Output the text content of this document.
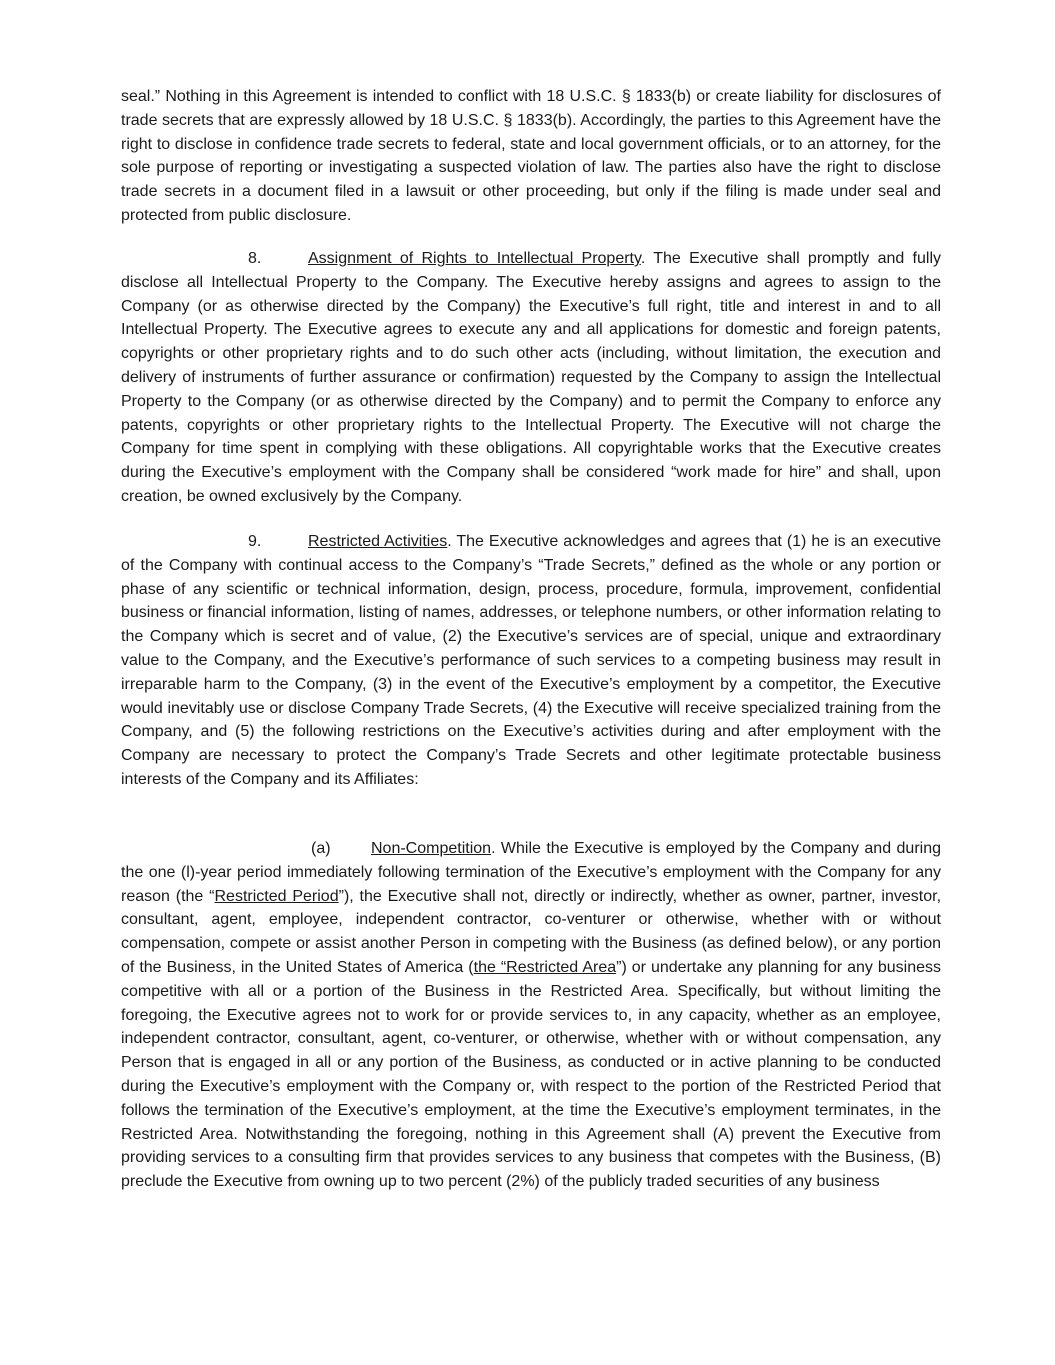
seal.” Nothing in this Agreement is intended to conflict with 18 U.S.C. § 1833(b) or create liability for disclosures of trade secrets that are expressly allowed by 18 U.S.C. § 1833(b). Accordingly, the parties to this Agreement have the right to disclose in confidence trade secrets to federal, state and local government officials, or to an attorney, for the sole purpose of reporting or investigating a suspected violation of law. The parties also have the right to disclose trade secrets in a document filed in a lawsuit or other proceeding, but only if the filing is made under seal and protected from public disclosure.

8.	Assignment of Rights to Intellectual Property. The Executive shall promptly and fully disclose all Intellectual Property to the Company. The Executive hereby assigns and agrees to assign to the Company (or as otherwise directed by the Company) the Executive’s full right, title and interest in and to all Intellectual Property. The Executive agrees to execute any and all applications for domestic and foreign patents, copyrights or other proprietary rights and to do such other acts (including, without limitation, the execution and delivery of instruments of further assurance or confirmation) requested by the Company to assign the Intellectual Property to the Company (or as otherwise directed by the Company) and to permit the Company to enforce any patents, copyrights or other proprietary rights to the Intellectual Property. The Executive will not charge the Company for time spent in complying with these obligations. All copyrightable works that the Executive creates during the Executive’s employment with the Company shall be considered “work made for hire” and shall, upon creation, be owned exclusively by the Company.

9.	Restricted Activities. The Executive acknowledges and agrees that (1) he is an executive of the Company with continual access to the Company’s “Trade Secrets,” defined as the whole or any portion or phase of any scientific or technical information, design, process, procedure, formula, improvement, confidential business or financial information, listing of names, addresses, or telephone numbers, or other information relating to the Company which is secret and of value, (2) the Executive’s services are of special, unique and extraordinary value to the Company, and the Executive’s performance of such services to a competing business may result in irreparable harm to the Company, (3) in the event of the Executive’s employment by a competitor, the Executive would inevitably use or disclose Company Trade Secrets, (4) the Executive will receive specialized training from the Company, and (5) the following restrictions on the Executive’s activities during and after employment with the Company are necessary to protect the Company’s Trade Secrets and other legitimate protectable business interests of the Company and its Affiliates:

(a)	Non-Competition. While the Executive is employed by the Company and during the one (l)-year period immediately following termination of the Executive’s employment with the Company for any reason (the “Restricted Period”), the Executive shall not, directly or indirectly, whether as owner, partner, investor, consultant, agent, employee, independent contractor, co-venturer or otherwise, whether with or without compensation, compete or assist another Person in competing with the Business (as defined below), or any portion of the Business, in the United States of America (the “Restricted Area”) or undertake any planning for any business competitive with all or a portion of the Business in the Restricted Area. Specifically, but without limiting the foregoing, the Executive agrees not to work for or provide services to, in any capacity, whether as an employee, independent contractor, consultant, agent, co-venturer, or otherwise, whether with or without compensation, any Person that is engaged in all or any portion of the Business, as conducted or in active planning to be conducted during the Executive’s employment with the Company or, with respect to the portion of the Restricted Period that follows the termination of the Executive’s employment, at the time the Executive’s employment terminates, in the Restricted Area. Notwithstanding the foregoing, nothing in this Agreement shall (A) prevent the Executive from providing services to a consulting firm that provides services to any business that competes with the Business, (B) preclude the Executive from owning up to two percent (2%) of the publicly traded securities of any business
